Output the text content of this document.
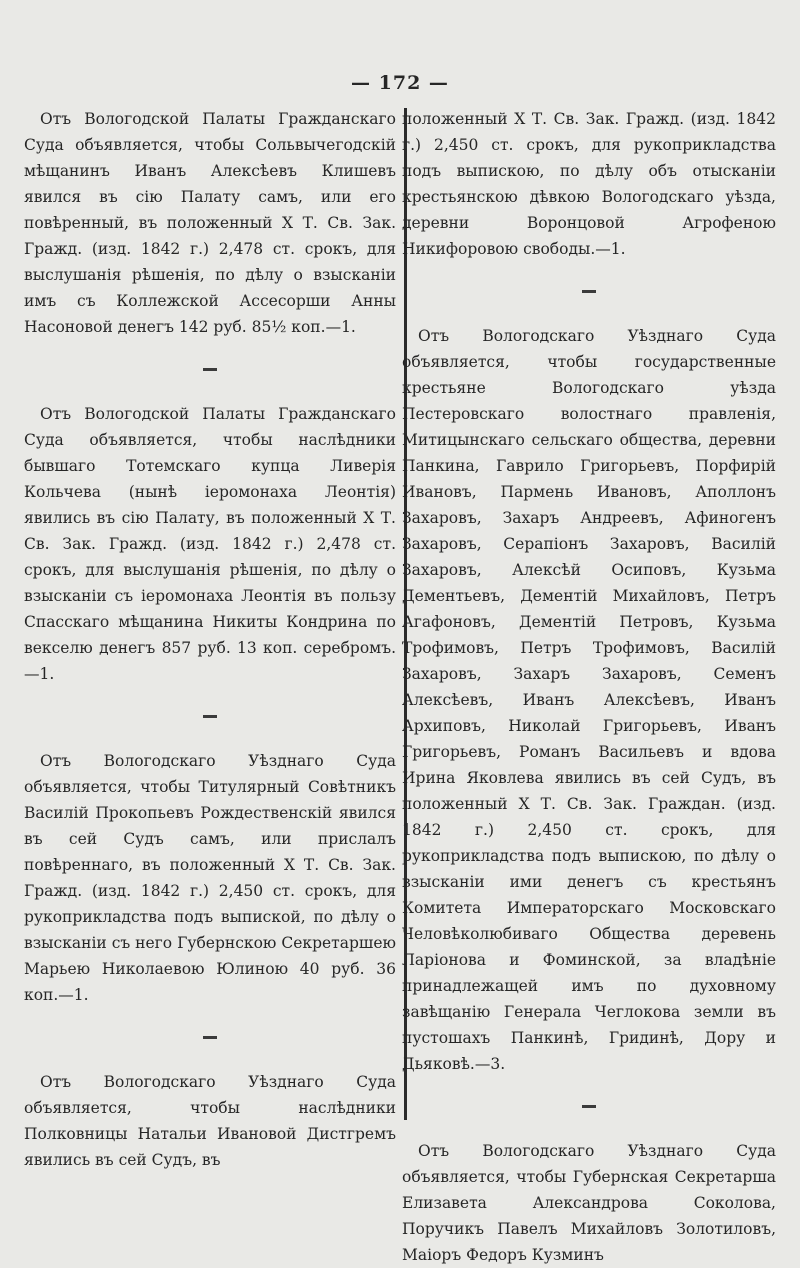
— 172 —

Отъ Вологодской Палаты Гражданскаго Суда объявляется, чтобы Сольвычегодскій мѣщанинъ Иванъ Алексѣевъ Клишевъ явился въ сію Палату самъ, или его повѣренный, въ положенный X Т. Св. Зак. Гражд. (изд. 1842 г.) 2,478 ст. срокъ, для выслушанія рѣшенія, по дѣлу о взысканіи имъ съ Коллежской Ассесорши Анны Насоновой денегъ 142 руб. 85½ коп.—1.

Отъ Вологодской Палаты Гражданскаго Суда объявляется, чтобы наслѣдники бывшаго Тотемскаго купца Ливерія Кольчева (нынѣ іеромонаха Леонтія) явились въ сію Палату, въ положенный X Т. Св. Зак. Гражд. (изд. 1842 г.) 2,478 ст. срокъ, для выслушанія рѣшенія, по дѣлу о взысканіи съ іеромонаха Леонтія въ пользу Спасскаго мѣщанина Никиты Кондрина по векселю денегъ 857 руб. 13 коп. серебромъ.—1.

Отъ Вологодскаго Уѣзднаго Суда объявляется, чтобы Титулярный Совѣтникъ Василій Прокопьевъ Рождественскій явился въ сей Судъ самъ, или прислалъ повѣреннаго, въ положенный X Т. Св. Зак. Гражд. (изд. 1842 г.) 2,450 ст. срокъ, для рукоприкладства подъ выпиской, по дѣлу о взысканіи съ него Губернскою Секретаршею Марьею Николаевою Юлиною 40 руб. 36 коп.—1.

Отъ Вологодскаго Уѣзднаго Суда объявляется, чтобы наслѣдники Полковницы Натальи Ивановой Дистгремъ явились въ сей Судъ, въ

положенный X Т. Св. Зак. Гражд. (изд. 1842 г.) 2,450 ст. срокъ, для рукоприкладства подъ выпискою, по дѣлу объ отысканіи крестьянскою дѣвкою Вологодскаго уѣзда, деревни Воронцовой Агрофеною Никифоровою свободы.—1.

Отъ Вологодскаго Уѣзднаго Суда объявляется, чтобы государственные крестьяне Вологодскаго уѣзда Пестеровскаго волостнаго правленія, Митицынскаго сельскаго общества, деревни Панкина, Гаврило Григорьевъ, Порфирій Ивановъ, Пармень Ивановъ, Аполлонъ Захаровъ, Захаръ Андреевъ, Афиногенъ Захаровъ, Серапіонъ Захаровъ, Василій Захаровъ, Алексѣй Осиповъ, Кузьма Дементьевъ, Дементій Михайловъ, Петръ Агафоновъ, Дементій Петровъ, Кузьма Трофимовъ, Петръ Трофимовъ, Василій Захаровъ, Захаръ Захаровъ, Семенъ Алексѣевъ, Иванъ Алексѣевъ, Иванъ Архиповъ, Николай Григорьевъ, Иванъ Григорьевъ, Романъ Васильевъ и вдова Ирина Яковлева явились въ сей Судъ, въ положенный X Т. Св. Зак. Граждан. (изд. 1842 г.) 2,450 ст. срокъ, для рукоприкладства подъ выпискою, по дѣлу о взысканіи ими денегъ съ крестьянъ Комитета Императорскаго Московскаго Человѣколюбиваго Общества деревень Ларіонова и Фоминской, за владѣніе принадлежащей имъ по духовному завѣщанію Генерала Чеглокова земли въ пустошахъ Панкинѣ, Гридинѣ, Дору и Дьяковѣ.—3.

Отъ Вологодскаго Уѣзднаго Суда объявляется, чтобы Губернская Секретарша Елизавета Александрова Соколова, Поручикъ Павелъ Михайловъ Золотиловъ, Маіоръ Федоръ Кузминъ
